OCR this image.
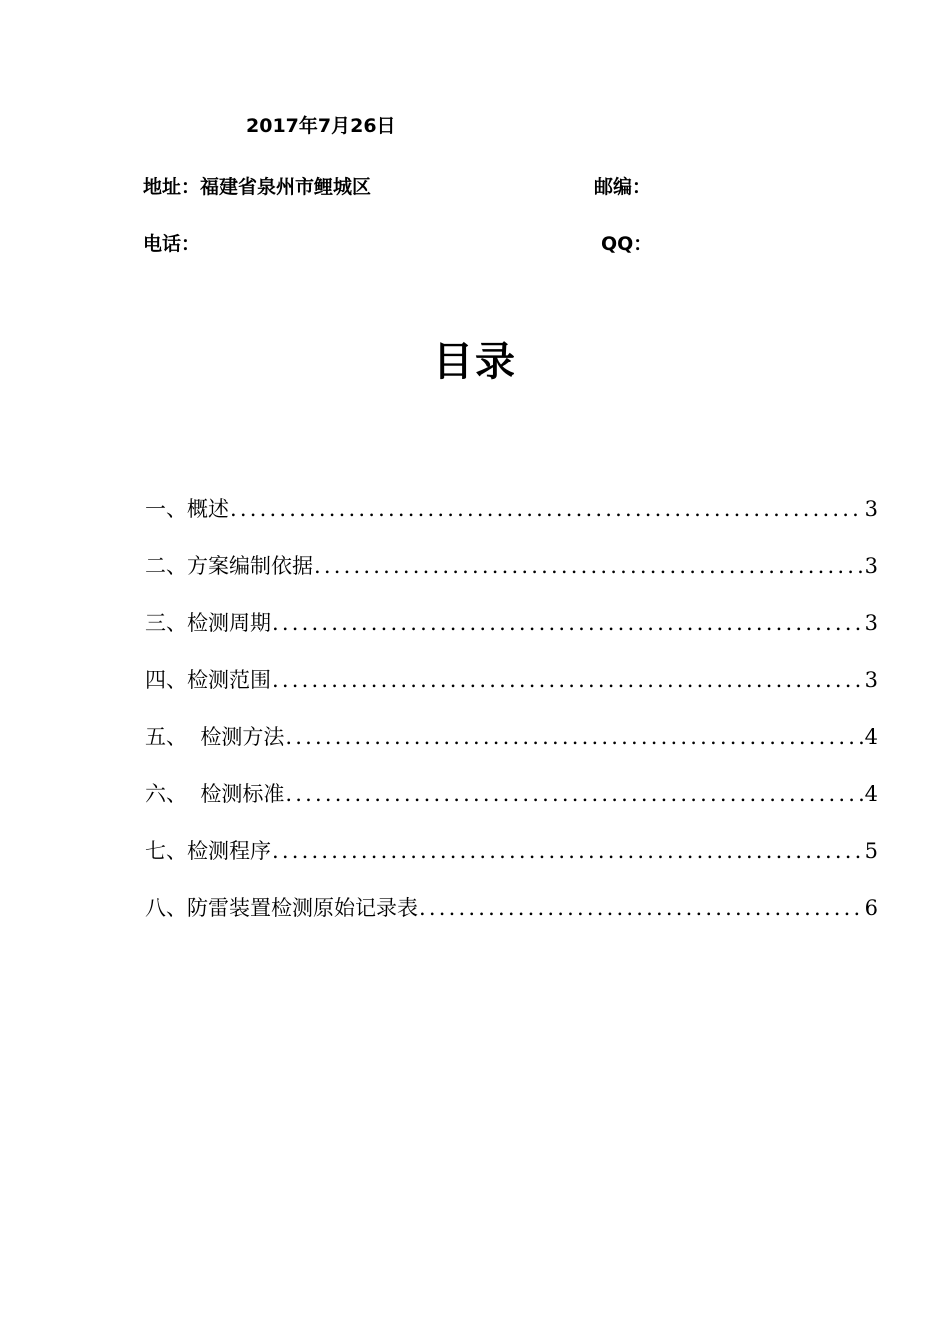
2017年7月26日
地址：福建省泉州市鲤城区	邮编：
电话：	QQ：
目录
一、概述 .....	3
二、方案编制依据 .....	3
三、检测周期 .....	3
四、检测范围 .....	3
五、  检测方法 .....	4
六、  检测标准 .....	4
七、检测程序 .....	5
八、防雷装置检测原始记录表 .....	6
